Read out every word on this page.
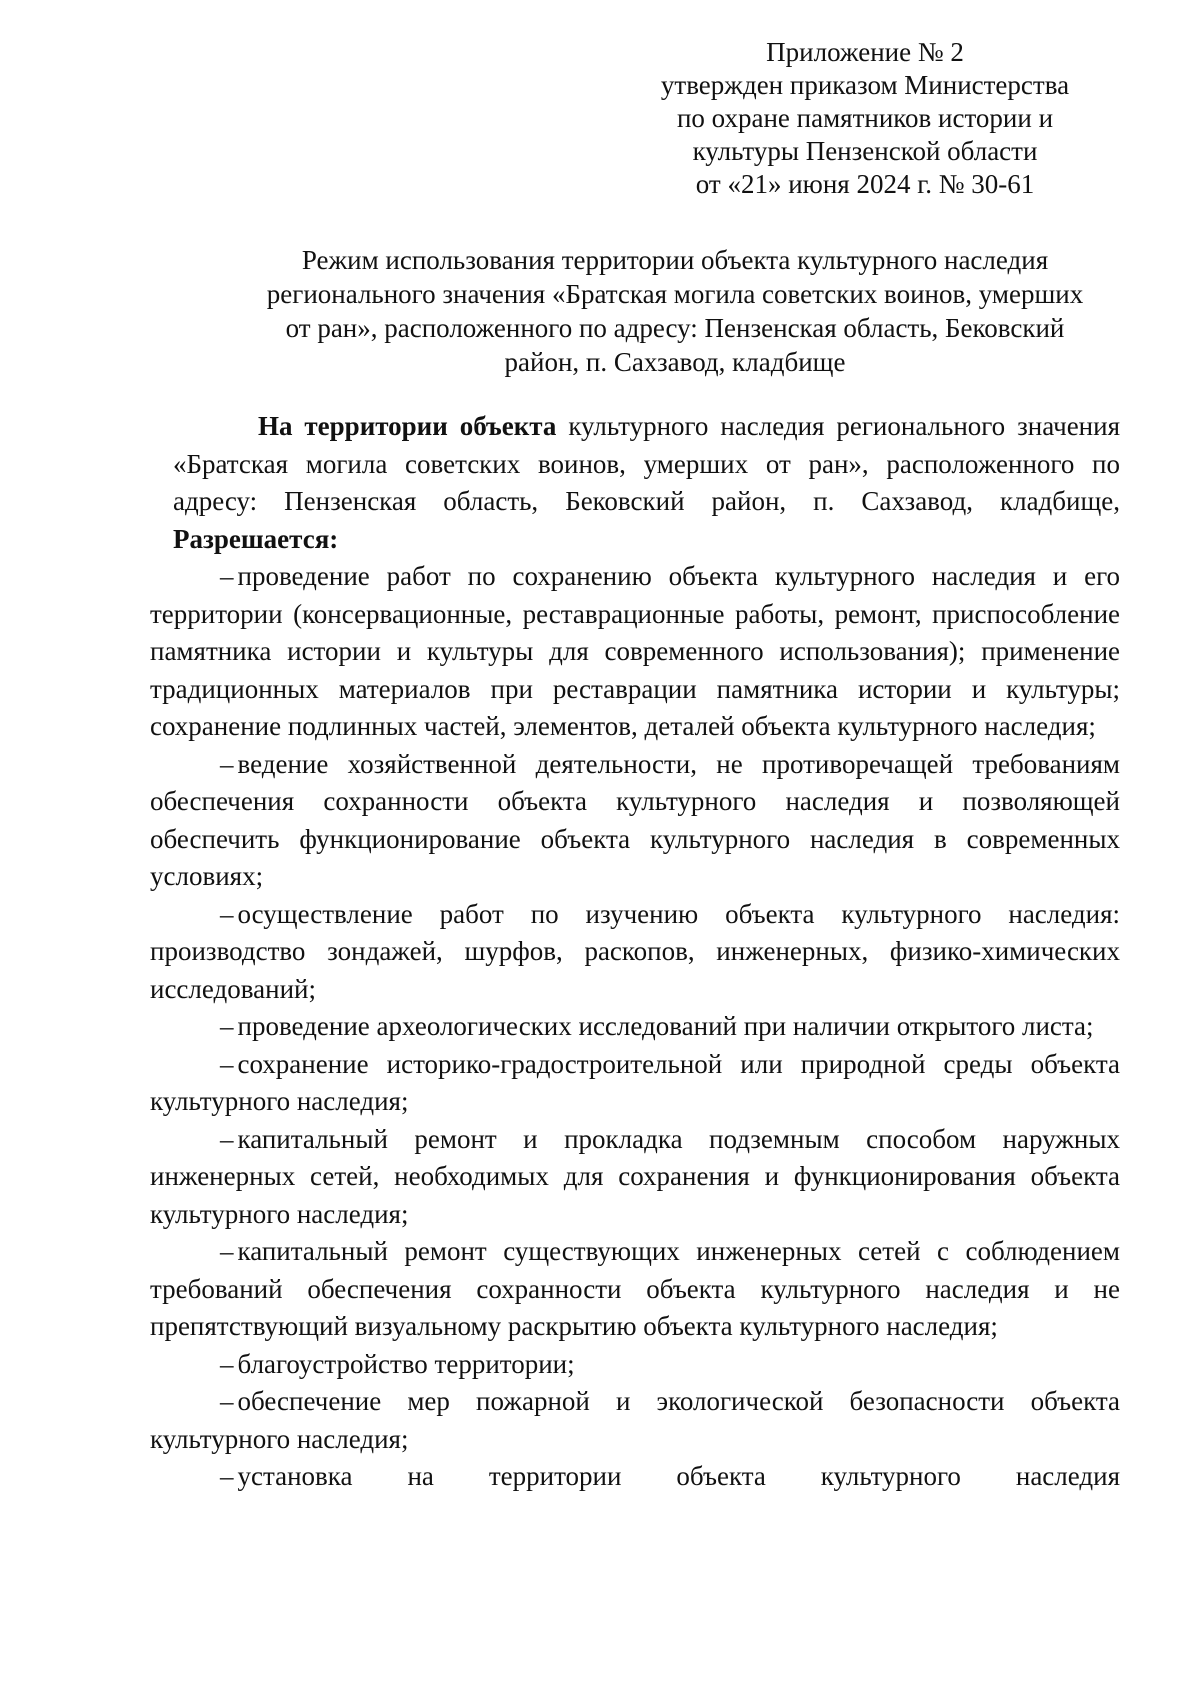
Приложение № 2
утвержден приказом Министерства
по охране памятников истории и
культуры Пензенской области
от «21» июня 2024 г. № 30-61
Режим использования территории объекта культурного наследия
регионального значения «Братская могила советских воинов, умерших
от ран», расположенного по адресу: Пензенская область, Бековский
район, п. Сахзавод, кладбище

На территории объекта культурного наследия регионального значения «Братская могила советских воинов, умерших от ран», расположенного по адресу: Пензенская область, Бековский район, п. Сахзавод, кладбище, Разрешается:

– проведение работ по сохранению объекта культурного наследия и его территории (консервационные, реставрационные работы, ремонт, приспособление памятника истории и культуры для современного использования); применение традиционных материалов при реставрации памятника истории и культуры; сохранение подлинных частей, элементов, деталей объекта культурного наследия;

– ведение хозяйственной деятельности, не противоречащей требованиям обеспечения сохранности объекта культурного наследия и позволяющей обеспечить функционирование объекта культурного наследия в современных условиях;

– осуществление работ по изучению объекта культурного наследия: производство зондажей, шурфов, раскопов, инженерных, физико-химических исследований;

– проведение археологических исследований при наличии открытого листа;

– сохранение историко-градостроительной или природной среды объекта культурного наследия;

– капитальный ремонт и прокладка подземным способом наружных инженерных сетей, необходимых для сохранения и функционирования объекта культурного наследия;

– капитальный ремонт существующих инженерных сетей с соблюдением требований обеспечения сохранности объекта культурного наследия и не препятствующий визуальному раскрытию объекта культурного наследия;

– благоустройство территории;

– обеспечение мер пожарной и экологической безопасности объекта культурного наследия;

– установка на территории объекта культурного наследия
